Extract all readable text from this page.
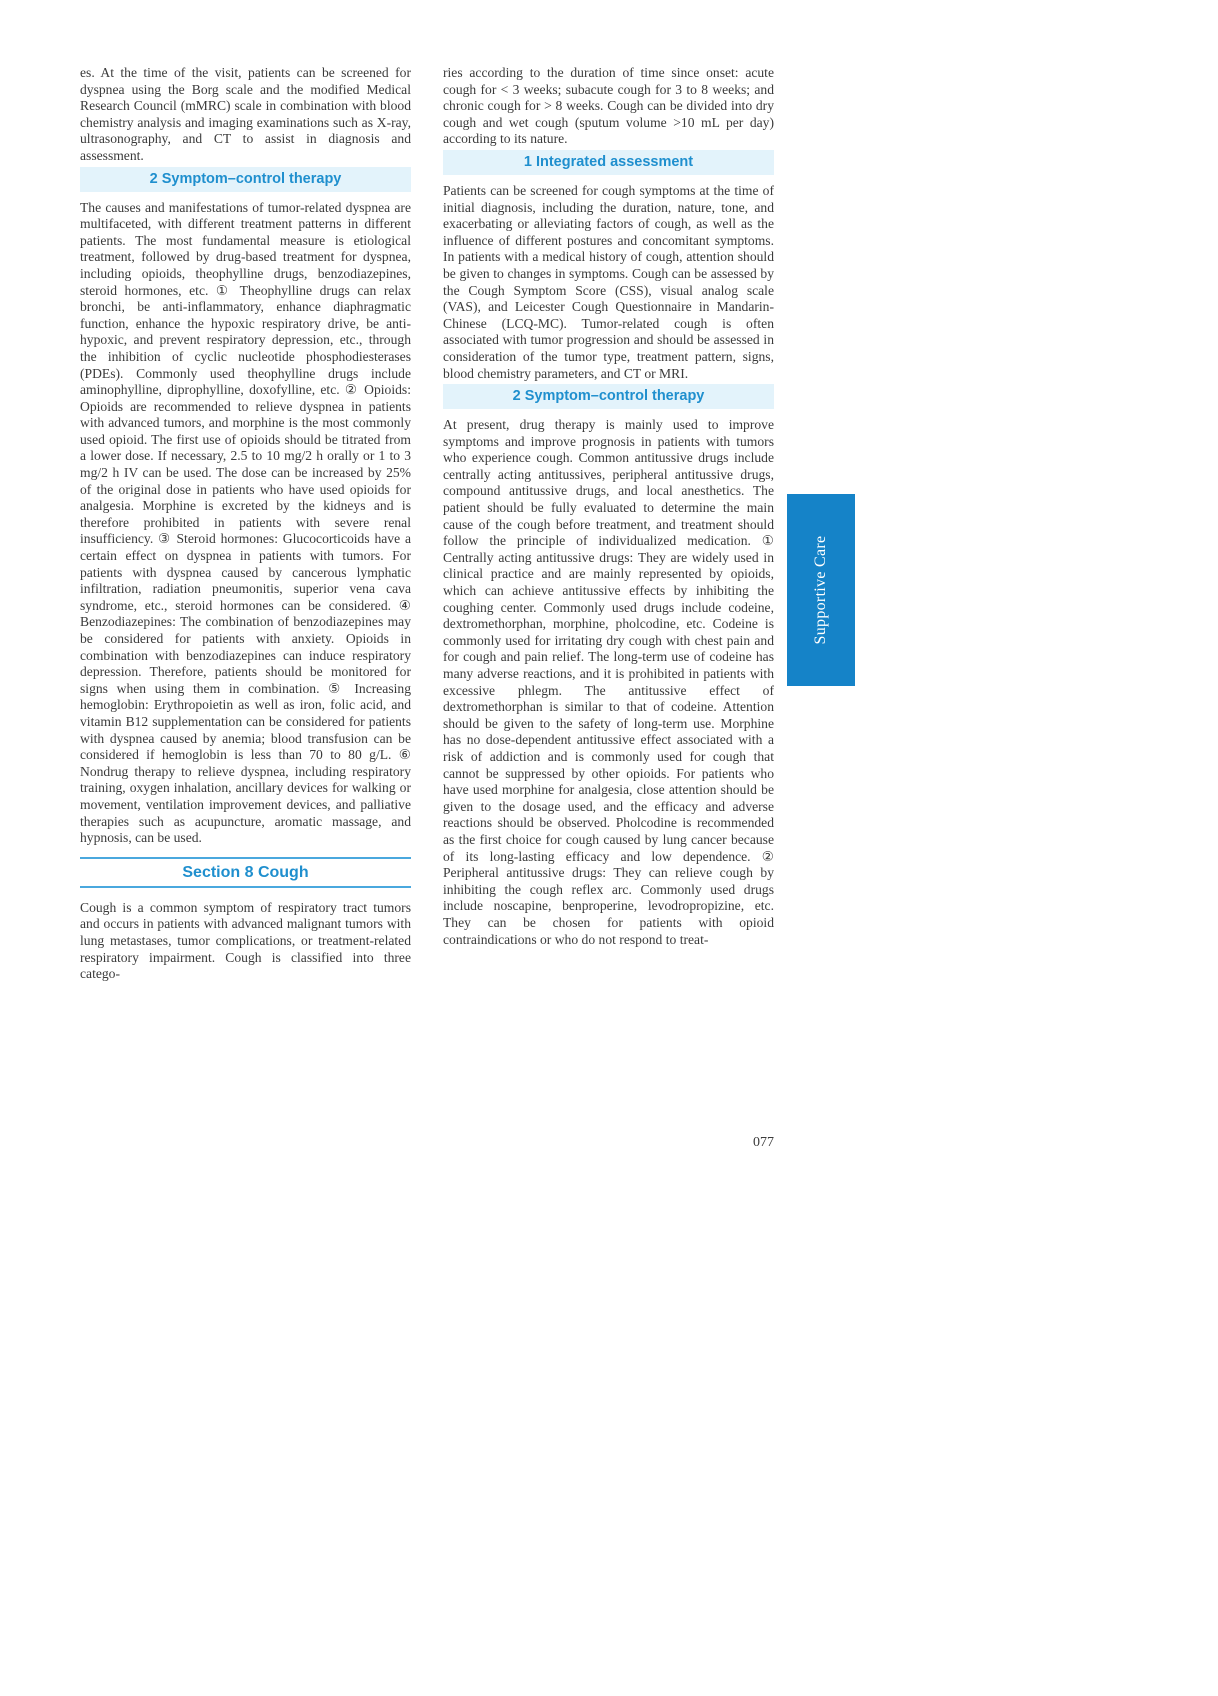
es. At the time of the visit, patients can be screened for dyspnea using the Borg scale and the modified Medical Research Council (mMRC) scale in combination with blood chemistry analysis and imaging examinations such as X-ray, ultrasonography, and CT to assist in diagnosis and assessment.

2 Symptom–control therapy

The causes and manifestations of tumor-related dyspnea are multifaceted, with different treatment patterns in different patients. The most fundamental measure is etiological treatment, followed by drug-based treatment for dyspnea, including opioids, theophylline drugs, benzodiazepines, steroid hormones, etc. ① Theophylline drugs can relax bronchi, be anti-inflammatory, enhance diaphragmatic function, enhance the hypoxic respiratory drive, be anti-hypoxic, and prevent respiratory depression, etc., through the inhibition of cyclic nucleotide phosphodiesterases (PDEs). Commonly used theophylline drugs include aminophylline, diprophylline, doxofylline, etc. ② Opioids: Opioids are recommended to relieve dyspnea in patients with advanced tumors, and morphine is the most commonly used opioid. The first use of opioids should be titrated from a lower dose. If necessary, 2.5 to 10 mg/2 h orally or 1 to 3 mg/2 h IV can be used. The dose can be increased by 25% of the original dose in patients who have used opioids for analgesia. Morphine is excreted by the kidneys and is therefore prohibited in patients with severe renal insufficiency. ③ Steroid hormones: Glucocorticoids have a certain effect on dyspnea in patients with tumors. For patients with dyspnea caused by cancerous lymphatic infiltration, radiation pneumonitis, superior vena cava syndrome, etc., steroid hormones can be considered. ④ Benzodiazepines: The combination of benzodiazepines may be considered for patients with anxiety. Opioids in combination with benzodiazepines can induce respiratory depression. Therefore, patients should be monitored for signs when using them in combination. ⑤ Increasing hemoglobin: Erythropoietin as well as iron, folic acid, and vitamin B12 supplementation can be considered for patients with dyspnea caused by anemia; blood transfusion can be considered if hemoglobin is less than 70 to 80 g/L. ⑥ Nondrug therapy to relieve dyspnea, including respiratory training, oxygen inhalation, ancillary devices for walking or movement, ventilation improvement devices, and palliative therapies such as acupuncture, aromatic massage, and hypnosis, can be used.

Section 8 Cough

Cough is a common symptom of respiratory tract tumors and occurs in patients with advanced malignant tumors with lung metastases, tumor complications, or treatment-related respiratory impairment. Cough is classified into three catego-

ries according to the duration of time since onset: acute cough for < 3 weeks; subacute cough for 3 to 8 weeks; and chronic cough for > 8 weeks. Cough can be divided into dry cough and wet cough (sputum volume >10 mL per day) according to its nature.

1 Integrated assessment

Patients can be screened for cough symptoms at the time of initial diagnosis, including the duration, nature, tone, and exacerbating or alleviating factors of cough, as well as the influence of different postures and concomitant symptoms. In patients with a medical history of cough, attention should be given to changes in symptoms. Cough can be assessed by the Cough Symptom Score (CSS), visual analog scale (VAS), and Leicester Cough Questionnaire in Mandarin-Chinese (LCQ-MC). Tumor-related cough is often associated with tumor progression and should be assessed in consideration of the tumor type, treatment pattern, signs, blood chemistry parameters, and CT or MRI.

2 Symptom–control therapy

At present, drug therapy is mainly used to improve symptoms and improve prognosis in patients with tumors who experience cough. Common antitussive drugs include centrally acting antitussives, peripheral antitussive drugs, compound antitussive drugs, and local anesthetics. The patient should be fully evaluated to determine the main cause of the cough before treatment, and treatment should follow the principle of individualized medication. ① Centrally acting antitussive drugs: They are widely used in clinical practice and are mainly represented by opioids, which can achieve antitussive effects by inhibiting the coughing center. Commonly used drugs include codeine, dextromethorphan, morphine, pholcodine, etc. Codeine is commonly used for irritating dry cough with chest pain and for cough and pain relief. The long-term use of codeine has many adverse reactions, and it is prohibited in patients with excessive phlegm. The antitussive effect of dextromethorphan is similar to that of codeine. Attention should be given to the safety of long-term use. Morphine has no dose-dependent antitussive effect associated with a risk of addiction and is commonly used for cough that cannot be suppressed by other opioids. For patients who have used morphine for analgesia, close attention should be given to the dosage used, and the efficacy and adverse reactions should be observed. Pholcodine is recommended as the first choice for cough caused by lung cancer because of its long-lasting efficacy and low dependence. ② Peripheral antitussive drugs: They can relieve cough by inhibiting the cough reflex arc. Commonly used drugs include noscapine, benproperine, levodropropizine, etc. They can be chosen for patients with opioid contraindications or who do not respond to treat-

Supportive Care
077
